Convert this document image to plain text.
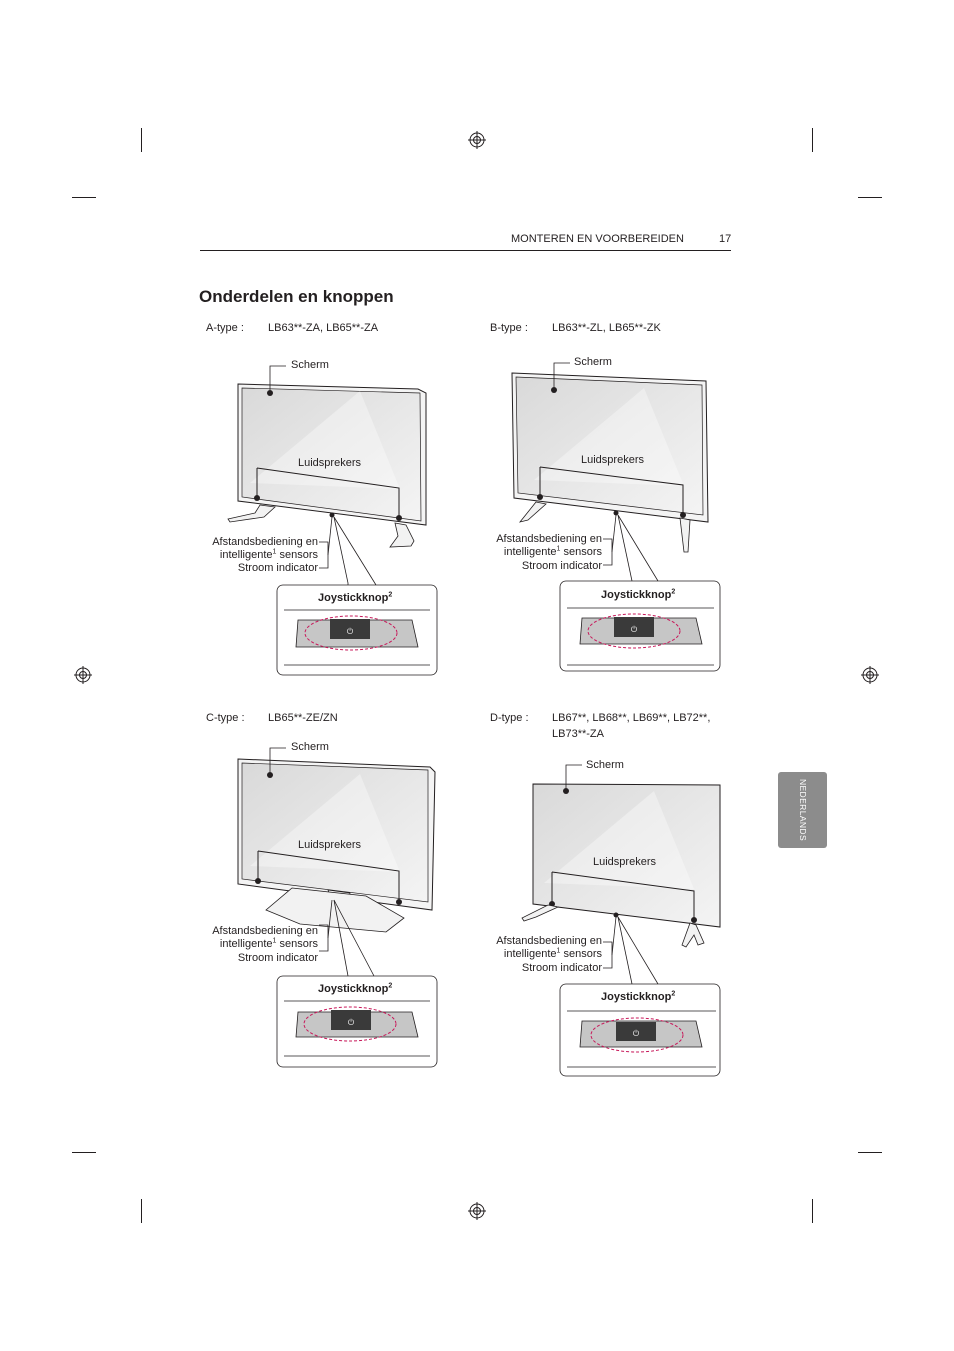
MONTEREN EN VOORBEREIDEN	17
Onderdelen en knoppen
NEDERLANDS
A-type : LB63**-ZA, LB65**-ZA	B-type : LB63**-ZL, LB65**-ZK
C-type : LB65**-ZE/ZN	D-type : LB67**, LB68**, LB69**, LB72**,
LB73**-ZA
⏻
Scherm
Luidsprekers
Afstandsbediening en
intelligente$^1$ sensors
Stroom indicator
Joystickknop$^2$
⏻
Scherm
Luidsprekers
Afstandsbediening en
intelligente$^1$ sensors
Stroom indicator
Joystickknop$^2$
⏻
Scherm
Luidsprekers
Afstandsbediening en
intelligente$^1$ sensors
Stroom indicator
Joystickknop$^2$
⏻
Scherm
Luidsprekers
Afstandsbediening en
intelligente$^1$ sensors
Stroom indicator
Joystickknop$^2$
